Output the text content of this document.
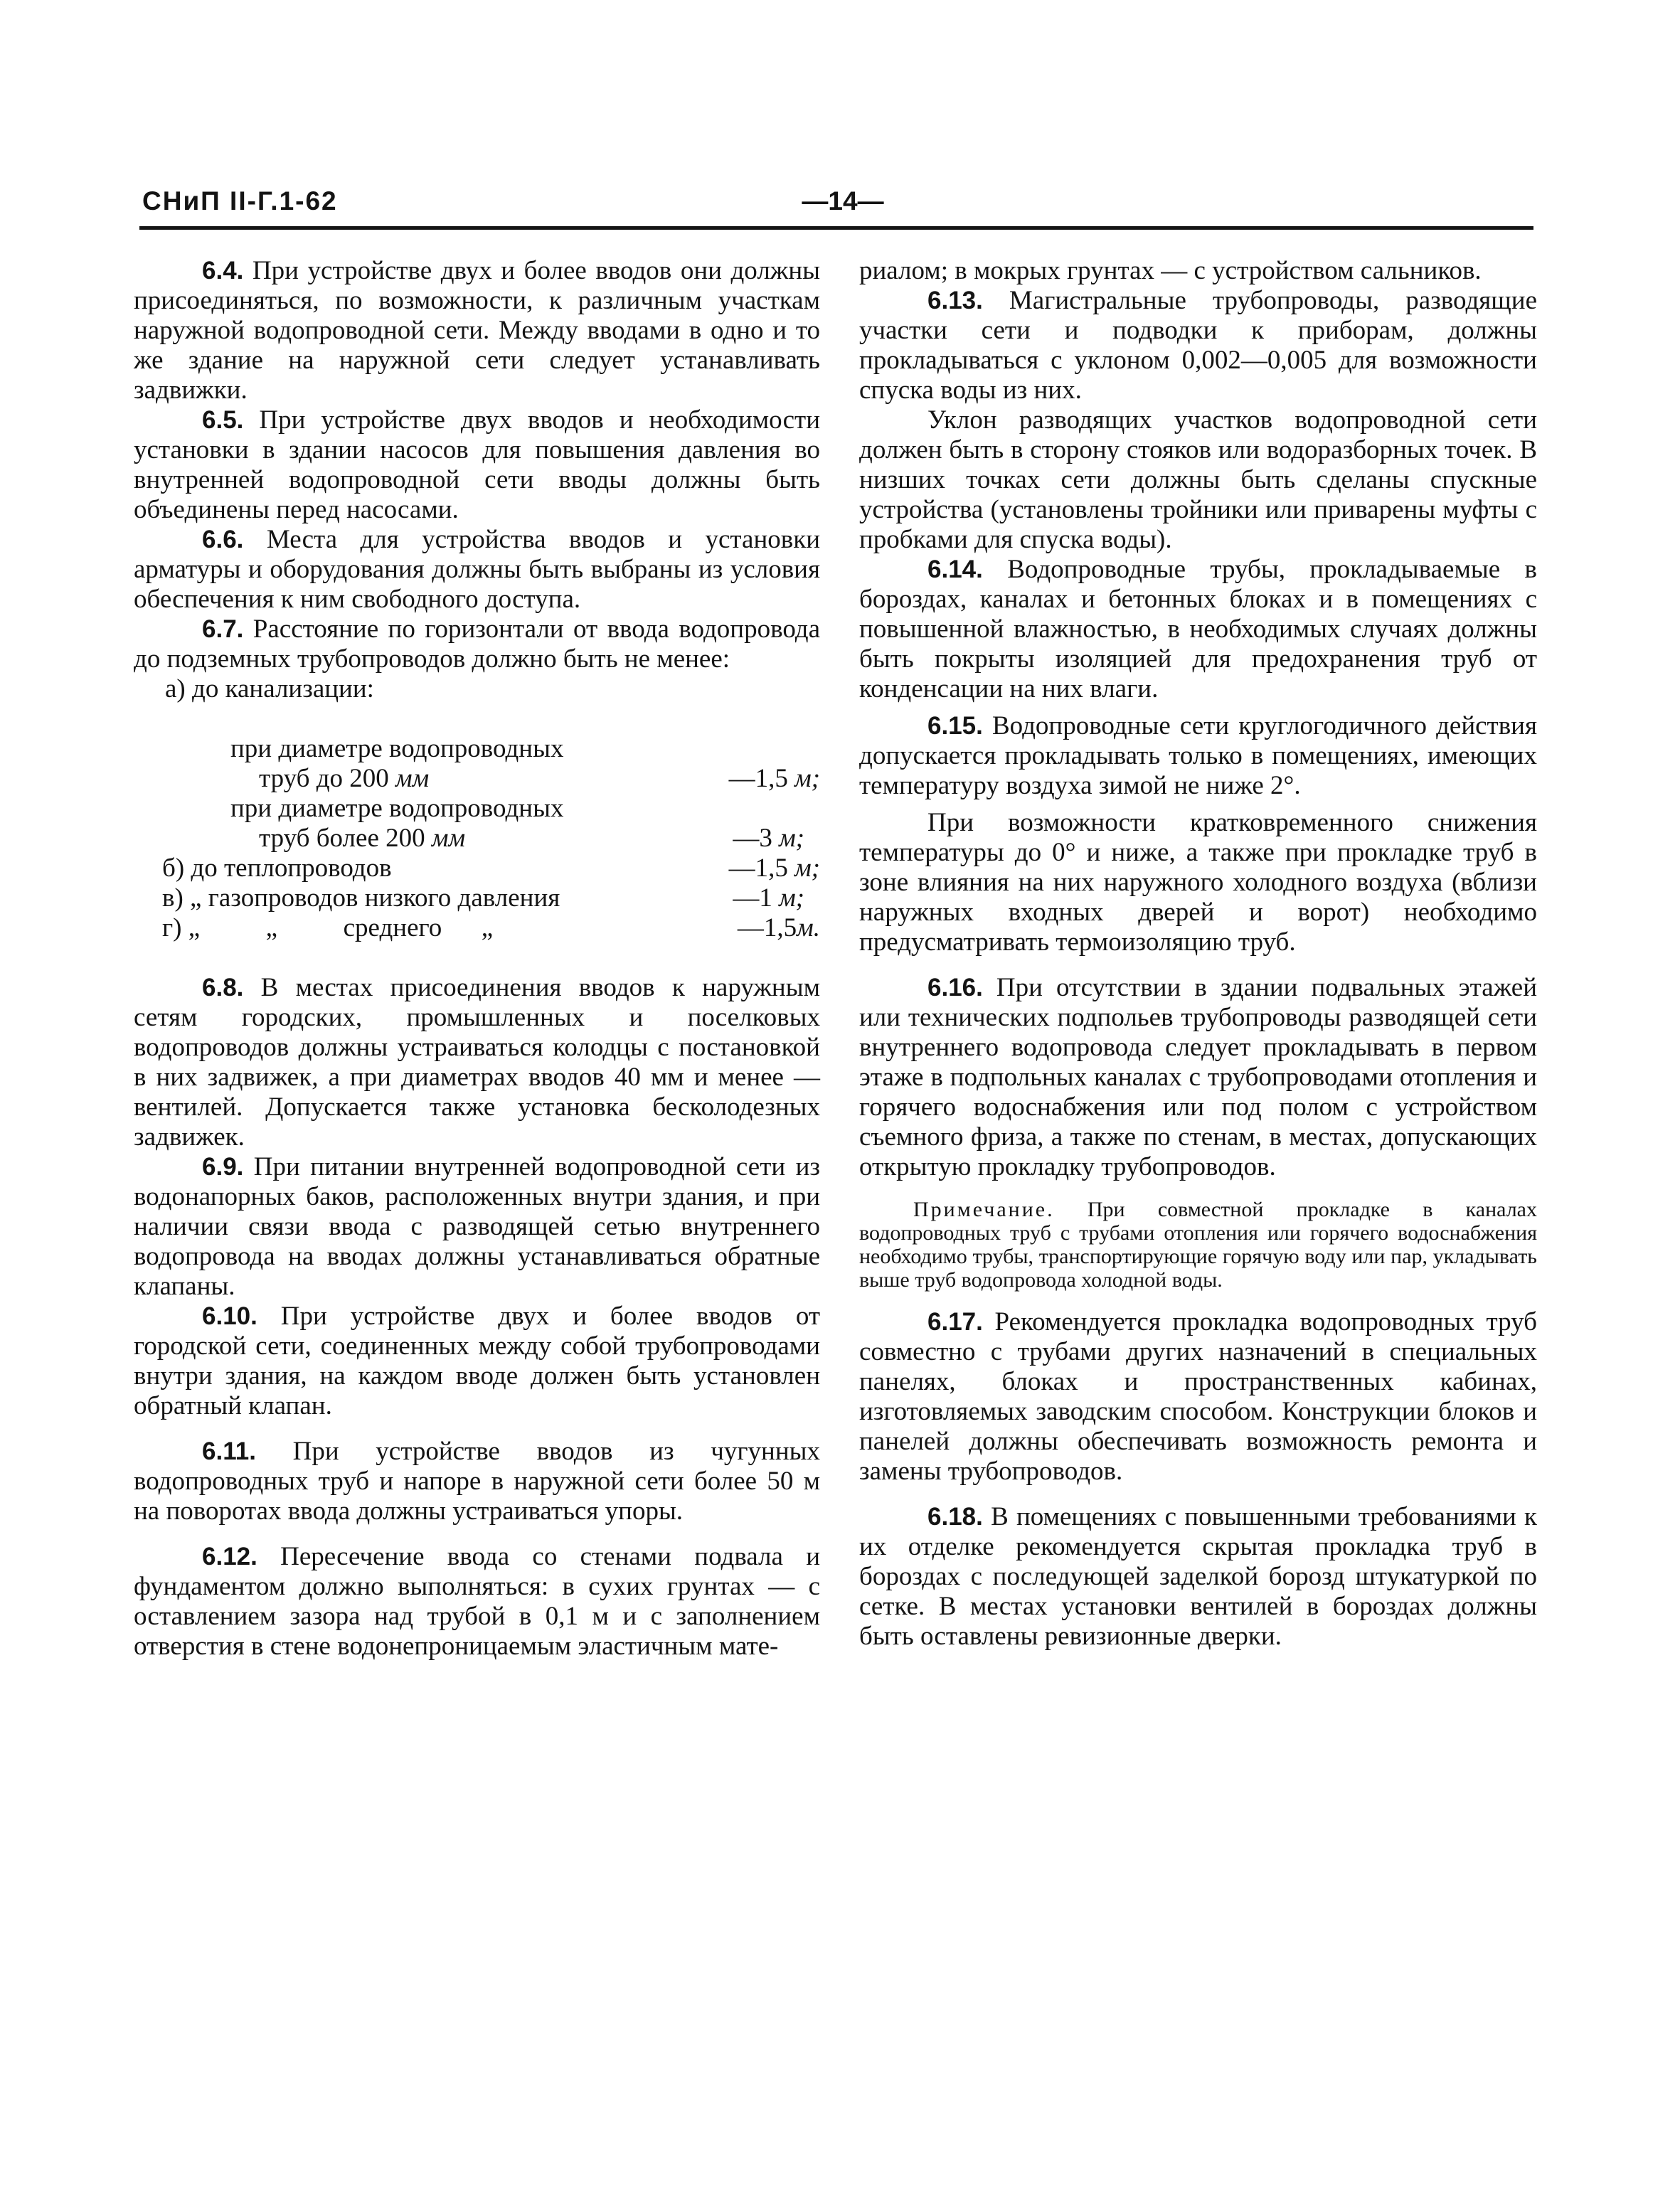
СНиП II-Г.1-62	—14—

6.4. При устройстве двух и более вводов они должны присоединяться, по возможности, к различным участкам наружной водопроводной сети. Между вводами в одно и то же здание на наружной сети следует устанавливать задвижки.

6.5. При устройстве двух вводов и необходимости установки в здании насосов для повышения давления во внутренней водопроводной сети вводы должны быть объединены перед насосами.

6.6. Места для устройства вводов и установки арматуры и оборудования должны быть выбраны из условия обеспечения к ним свободного доступа.

6.7. Расстояние по горизонтали от ввода водопровода до подземных трубопроводов должно быть не менее:

а) до канализации:

при диаметре водопроводных
труб до 200 мм	—1,5 м;
при диаметре водопроводных
труб более 200 мм	—3 м;
б) до теплопроводов	—1,5 м;
в) „ газопроводов низкого давления	—1 м;
г) „          „          среднего      „	—1,5м.

6.8. В местах присоединения вводов к наружным сетям городских, промышленных и поселковых водопроводов должны устраиваться колодцы с постановкой в них задвижек, а при диаметрах вводов 40 мм и менее — вентилей. Допускается также установка бесколодезных задвижек.

6.9. При питании внутренней водопроводной сети из водонапорных баков, расположенных внутри здания, и при наличии связи ввода с разводящей сетью внутреннего водопровода на вводах должны устанавливаться обратные клапаны.

6.10. При устройстве двух и более вводов от городской сети, соединенных между собой трубопроводами внутри здания, на каждом вводе должен быть установлен обратный клапан.

6.11. При устройстве вводов из чугунных водопроводных труб и напоре в наружной сети более 50 м на поворотах ввода должны устраиваться упоры.

6.12. Пересечение ввода со стенами подвала и фундаментом должно выполняться: в сухих грунтах — с оставлением зазора над трубой в 0,1 м и с заполнением отверстия в стене водонепроницаемым эластичным мате-

риалом; в мокрых грунтах — с устройством сальников.

6.13. Магистральные трубопроводы, разводящие участки сети и подводки к приборам, должны прокладываться с уклоном 0,002—0,005 для возможности спуска воды из них.

Уклон разводящих участков водопроводной сети должен быть в сторону стояков или водоразборных точек. В низших точках сети должны быть сделаны спускные устройства (установлены тройники или приварены муфты с пробками для спуска воды).

6.14. Водопроводные трубы, прокладываемые в бороздах, каналах и бетонных блоках и в помещениях с повышенной влажностью, в необходимых случаях должны быть покрыты изоляцией для предохранения труб от конденсации на них влаги.

6.15. Водопроводные сети круглогодичного действия допускается прокладывать только в помещениях, имеющих температуру воздуха зимой не ниже 2°.

При возможности кратковременного снижения температуры до 0° и ниже, а также при прокладке труб в зоне влияния на них наружного холодного воздуха (вблизи наружных входных дверей и ворот) необходимо предусматривать термоизоляцию труб.

6.16. При отсутствии в здании подвальных этажей или технических подпольев трубопроводы разводящей сети внутреннего водопровода следует прокладывать в первом этаже в подпольных каналах с трубопроводами отопления и горячего водоснабжения или под полом с устройством съемного фриза, а также по стенам, в местах, допускающих открытую прокладку трубопроводов.

Примечание. При совместной прокладке в каналах водопроводных труб с трубами отопления или горячего водоснабжения необходимо трубы, транспортирующие горячую воду или пар, укладывать выше труб водопровода холодной воды.

6.17. Рекомендуется прокладка водопроводных труб совместно с трубами других назначений в специальных панелях, блоках и пространственных кабинах, изготовляемых заводским способом. Конструкции блоков и панелей должны обеспечивать возможность ремонта и замены трубопроводов.

6.18. В помещениях с повышенными требованиями к их отделке рекомендуется скрытая прокладка труб в бороздах с последующей заделкой борозд штукатуркой по сетке. В местах установки вентилей в бороздах должны быть оставлены ревизионные дверки.
